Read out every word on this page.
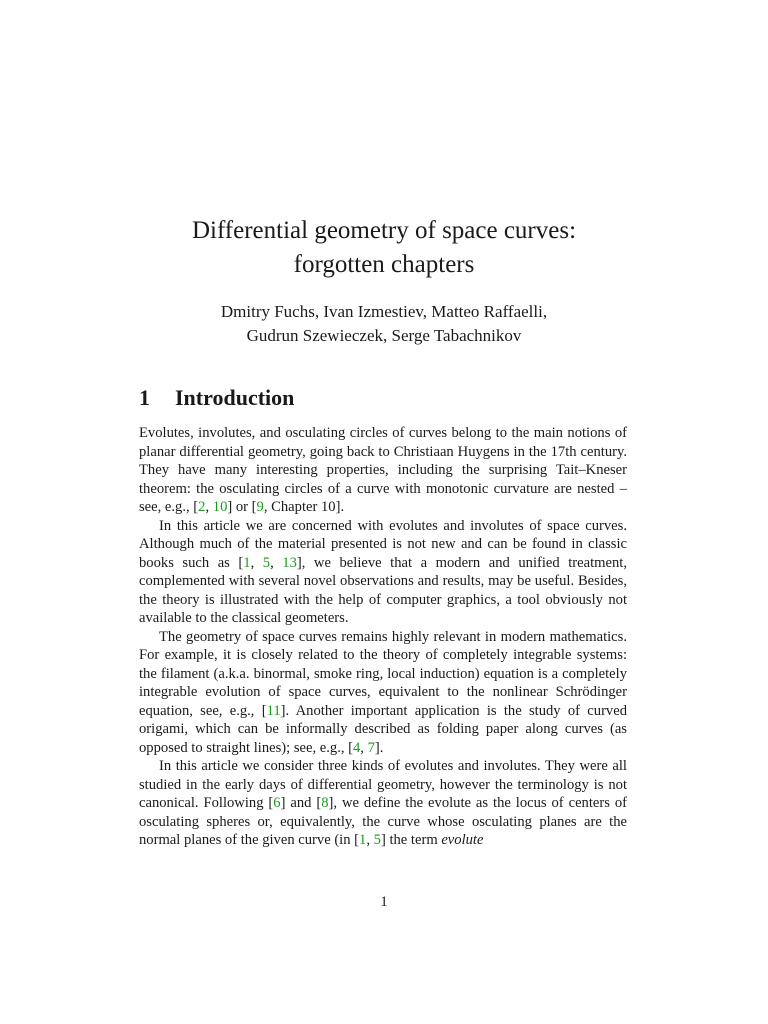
Differential geometry of space curves:
forgotten chapters
Dmitry Fuchs, Ivan Izmestiev, Matteo Raffaelli,
Gudrun Szewieczek, Serge Tabachnikov
1 Introduction

Evolutes, involutes, and osculating circles of curves belong to the main notions of planar differential geometry, going back to Christiaan Huygens in the 17th century. They have many interesting properties, including the surprising Tait–Kneser theorem: the osculating circles of a curve with monotonic curvature are nested – see, e.g., [2, 10] or [9, Chapter 10].

In this article we are concerned with evolutes and involutes of space curves. Although much of the material presented is not new and can be found in classic books such as [1, 5, 13], we believe that a modern and unified treatment, complemented with several novel observations and results, may be useful. Besides, the theory is illustrated with the help of computer graphics, a tool obviously not available to the classical geometers.

The geometry of space curves remains highly relevant in modern mathematics. For example, it is closely related to the theory of completely integrable systems: the filament (a.k.a. binormal, smoke ring, local induction) equation is a completely integrable evolution of space curves, equivalent to the nonlinear Schrödinger equation, see, e.g., [11]. Another important application is the study of curved origami, which can be informally described as folding paper along curves (as opposed to straight lines); see, e.g., [4, 7].

In this article we consider three kinds of evolutes and involutes. They were all studied in the early days of differential geometry, however the terminology is not canonical. Following [6] and [8], we define the evolute as the locus of centers of osculating spheres or, equivalently, the curve whose osculating planes are the normal planes of the given curve (in [1, 5] the term evolute

1
